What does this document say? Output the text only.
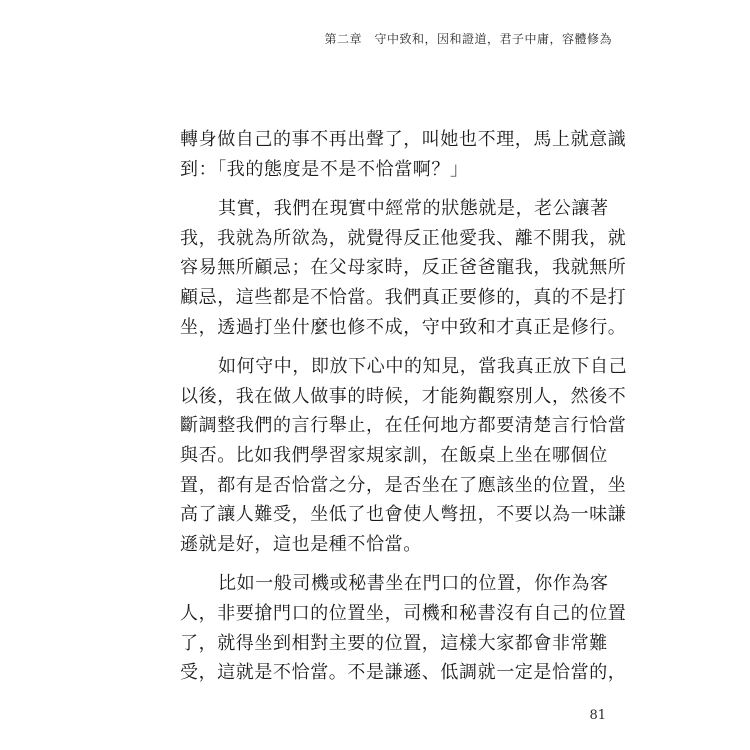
第二章　守中致和，因和證道，君子中庸，容體修為
轉身做自己的事不再出聲了，叫她也不理，馬上就意識
到：「我的態度是不是不恰當啊？」
其實，我們在現實中經常的狀態就是，老公讓著
我，我就為所欲為，就覺得反正他愛我、離不開我，就
容易無所顧忌；在父母家時，反正爸爸寵我，我就無所
顧忌，這些都是不恰當。我們真正要修的，真的不是打
坐，透過打坐什麼也修不成，守中致和才真正是修行。
如何守中，即放下心中的知見，當我真正放下自己
以後，我在做人做事的時候，才能夠觀察別人，然後不
斷調整我們的言行舉止，在任何地方都要清楚言行恰當
與否。比如我們學習家規家訓，在飯桌上坐在哪個位
置，都有是否恰當之分，是否坐在了應該坐的位置，坐
高了讓人難受，坐低了也會使人彆扭，不要以為一味謙
遜就是好，這也是種不恰當。
比如一般司機或秘書坐在門口的位置，你作為客
人，非要搶門口的位置坐，司機和秘書沒有自己的位置
了，就得坐到相對主要的位置，這樣大家都會非常難
受，這就是不恰當。不是謙遜、低調就一定是恰當的，
81
